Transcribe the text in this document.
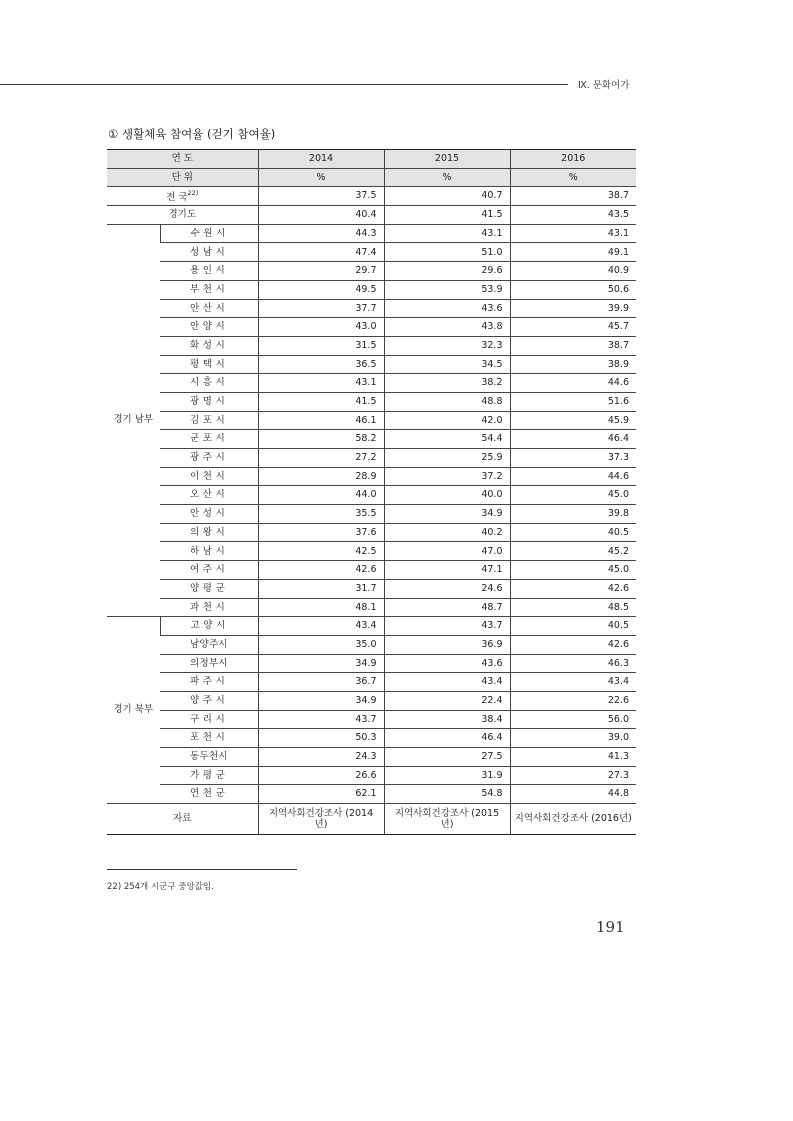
Ⅸ. 문화여가
① 생활체육 참여율 (걷기 참여율)
연 도		2014	2015	2016
단 위		%	%	%
전 국$^{22)}$		37.5	40.7	38.7
경기도		40.4	41.5	43.5
경기 남부	수 원 시	44.3	43.1	43.1
	성 남 시	47.4	51.0	49.1
	용 인 시	29.7	29.6	40.9
	부 천 시	49.5	53.9	50.6
	안 산 시	37.7	43.6	39.9
	안 양 시	43.0	43.8	45.7
	화 성 시	31.5	32.3	38.7
	평 택 시	36.5	34.5	38.9
	시 흥 시	43.1	38.2	44.6
	광 명 시	41.5	48.8	51.6
	김 포 시	46.1	42.0	45.9
	군 포 시	58.2	54.4	46.4
	광 주 시	27.2	25.9	37.3
	이 천 시	28.9	37.2	44.6
	오 산 시	44.0	40.0	45.0
	안 성 시	35.5	34.9	39.8
	의 왕 시	37.6	40.2	40.5
	하 남 시	42.5	47.0	45.2
	여 주 시	42.6	47.1	45.0
	양 평 군	31.7	24.6	42.6
	과 천 시	48.1	48.7	48.5
경기 북부	고 양 시	43.4	43.7	40.5
	남양주시	35.0	36.9	42.6
	의정부시	34.9	43.6	46.3
	파 주 시	36.7	43.4	43.4
	양 주 시	34.9	22.4	22.6
	구 리 시	43.7	38.4	56.0
	포 천 시	50.3	46.4	39.0
	동두천시	24.3	27.5	41.3
	가 평 군	26.6	31.9	27.3
	연 천 군	62.1	54.8	44.8
자료		지역사회건강조사 (2014년)	지역사회건강조사 (2015년)	지역사회건강조사 (2016년)
22) 254개 시군구 중앙값임.
191
